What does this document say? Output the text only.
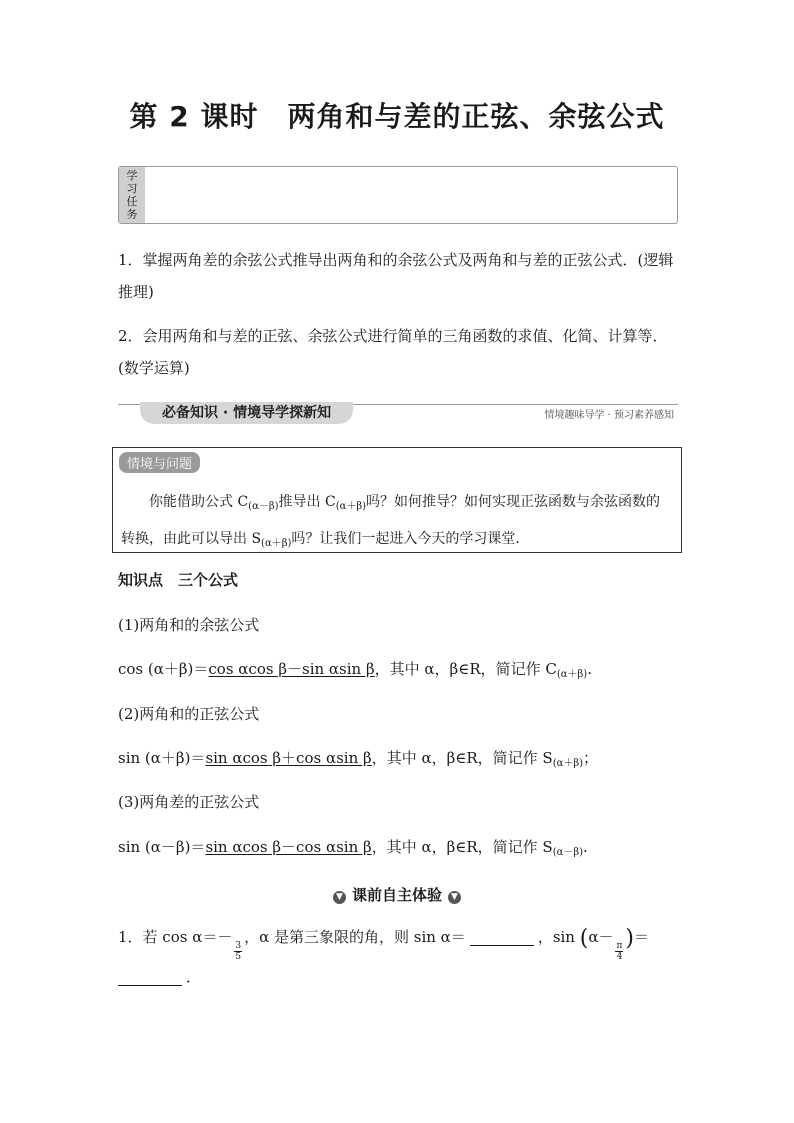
第 2 课时　两角和与差的正弦、余弦公式
学
习
任
务
1．掌握两角差的余弦公式推导出两角和的余弦公式及两角和与差的正弦公式．(逻辑推理)
2．会用两角和与差的正弦、余弦公式进行简单的三角函数的求值、化简、计算等．(数学运算)
必备知识 · 情境导学探新知	情境趣味导学 · 预习素养感知
情境与问题
你能借助公式 $C_{(\alpha-\beta)}$推导出 $C_{(\alpha+\beta)}$吗？如何推导？如何实现正弦函数与余弦函数的转换，由此可以导出 $S_{(\alpha+\beta)}$吗？让我们一起进入今天的学习课堂．
知识点　三个公式
(1)两角和的余弦公式
cos (α＋β)＝cos αcos β－sin αsin β，其中 α，β∈R，简记作 $C_{(\alpha+\beta)}$.
(2)两角和的正弦公式
sin (α＋β)＝sin αcos β＋cos αsin β，其中 α，β∈R，简记作 $S_{(\alpha+\beta)}$；
(3)两角差的正弦公式
sin (α－β)＝sin αcos β－cos αsin β，其中 α，β∈R，简记作 $S_{(\alpha-\beta)}$.
▼ 课前自主体验 ▼
1．若 cos α＝－
$\frac{3}{5}$
，α 是第三象限的角，则 sin α＝	，sin (α－
$\frac{\pi}{4}$
)＝
．
